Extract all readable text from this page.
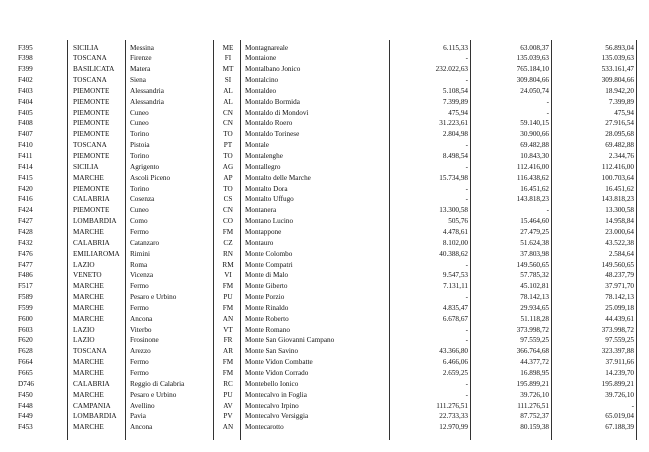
F395	SICILIA	Messina	ME	Montagnareale	6.115,33	63.008,37	56.893,04
F398	TOSCANA	Firenze	FI	Montaione	-	135.039,63	135.039,63
F399	BASILICATA	Matera	MT	Montalbano Jonico	232.022,63	765.184,10	533.161,47
F402	TOSCANA	Siena	SI	Montalcino	-	309.804,66	309.804,66
F403	PIEMONTE	Alessandria	AL	Montaldeo	5.108,54	24.050,74	18.942,20
F404	PIEMONTE	Alessandria	AL	Montaldo Bormida	7.399,89	-	7.399,89
F405	PIEMONTE	Cuneo	CN	Montaldo di Mondovì	475,94	-	475,94
F408	PIEMONTE	Cuneo	CN	Montaldo Roero	31.223,61	59.140,15	27.916,54
F407	PIEMONTE	Torino	TO	Montaldo Torinese	2.804,98	30.900,66	28.095,68
F410	TOSCANA	Pistoia	PT	Montale	-	69.482,88	69.482,88
F411	PIEMONTE	Torino	TO	Montalenghe	8.498,54	10.843,30	2.344,76
F414	SICILIA	Agrigento	AG	Montallegro	-	112.416,00	112.416,00
F415	MARCHE	Ascoli Piceno	AP	Montalto delle Marche	15.734,98	116.438,62	100.703,64
F420	PIEMONTE	Torino	TO	Montalto Dora	-	16.451,62	16.451,62
F416	CALABRIA	Cosenza	CS	Montalto Uffugo	-	143.818,23	143.818,23
F424	PIEMONTE	Cuneo	CN	Montanera	13.300,58	-	13.300,58
F427	LOMBARDIA	Como	CO	Montano Lucino	505,76	15.464,60	14.958,84
F428	MARCHE	Fermo	FM	Montappone	4.478,61	27.479,25	23.000,64
F432	CALABRIA	Catanzaro	CZ	Montauro	8.102,00	51.624,38	43.522,38
F476	EMILIAROMA	Rimini	RN	Monte Colombo	40.388,62	37.803,98	2.584,64
F477	LAZIO	Roma	RM	Monte Compatri	-	149.560,65	149.560,65
F486	VENETO	Vicenza	VI	Monte di Malo	9.547,53	57.785,32	48.237,79
F517	MARCHE	Fermo	FM	Monte Giberto	7.131,11	45.102,81	37.971,70
F589	MARCHE	Pesaro e Urbino	PU	Monte Porzio	-	78.142,13	78.142,13
F599	MARCHE	Fermo	FM	Monte Rinaldo	4.835,47	29.934,65	25.099,18
F600	MARCHE	Ancona	AN	Monte Roberto	6.678,67	51.118,28	44.439,61
F603	LAZIO	Viterbo	VT	Monte Romano	-	373.998,72	373.998,72
F620	LAZIO	Frosinone	FR	Monte San Giovanni Campano	-	97.559,25	97.559,25
F628	TOSCANA	Arezzo	AR	Monte San Savino	43.366,80	366.764,68	323.397,88
F664	MARCHE	Fermo	FM	Monte Vidon Combatte	6.466,06	44.377,72	37.911,66
F665	MARCHE	Fermo	FM	Monte Vidon Corrado	2.659,25	16.898,95	14.239,70
D746	CALABRIA	Reggio di Calabria	RC	Montebello Ionico	-	195.899,21	195.899,21
F450	MARCHE	Pesaro e Urbino	PU	Montecalvo in Foglia	-	39.726,10	39.726,10
F448	CAMPANIA	Avellino	AV	Montecalvo Irpino	111.276,51	111.276,51	-
F449	LOMBARDIA	Pavia	PV	Montecalvo Versiggia	22.733,33	87.752,37	65.019,04
F453	MARCHE	Ancona	AN	Montecarotto	12.970,99	80.159,38	67.188,39
